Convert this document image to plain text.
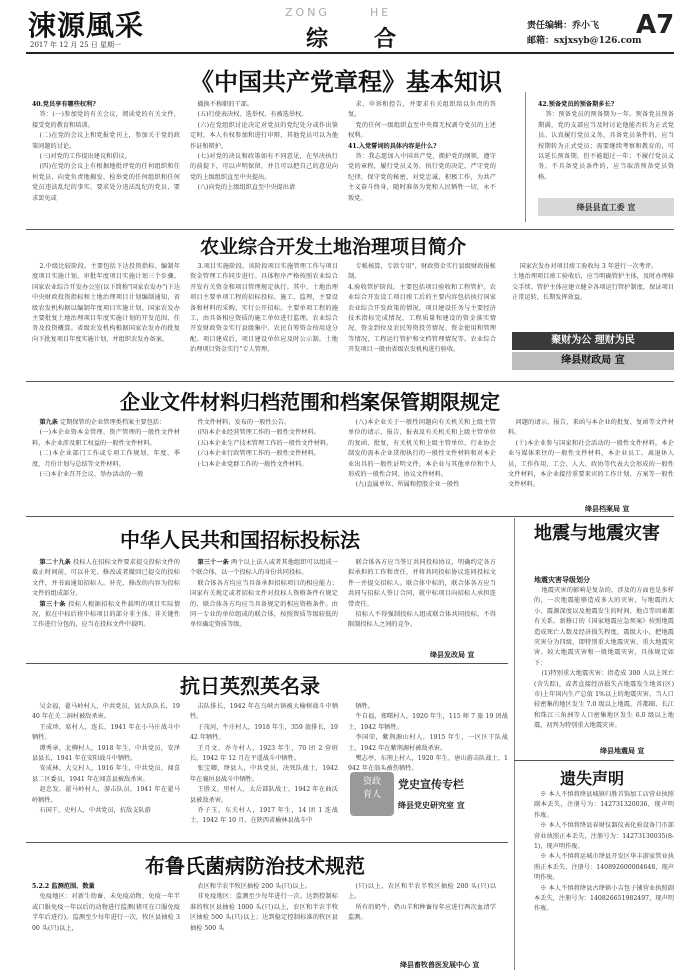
涑源風采
2017 年 12 月 25 日 星期一
ZONG	HE
综      合	责任编辑：乔小飞
邮箱：sxjxsyb@126.com
A7
《中国共产党章程》基本知识

40.党员享有哪些权利?

答：(一)参加党的有关会议，阅读党的有关文件，接受党的教育和培训。

(二)在党的会议上和党报党刊上，参加关于党的政策问题的讨论。

(三)对党的工作提出建议和倡议。

(四)在党的会议上有根据地批评党的任何组织和任何党员，向党负责地揭发、检举党的任何组织和任何党员违法乱纪的事实，要求处分违法乱纪的党员，要求罢免或

撤换不称职的干部。

(五)行使表决权、选举权，有被选举权。

(六)在党组织讨论决定对党员的党纪处分或作出鉴定时，本人有权参加和进行申辩，其他党员可以为他作证和辩护。

(七)对党的决议和政策如有不同意见，在坚决执行的前提下，可以声明保留，并且可以把自己的意见向党的上级组织直至中央提出。

(八)向党的上级组织直至中央提出请

求、申诉和控告，并要求有关组织给以负责的答复。

党的任何一级组织直至中央都无权剥夺党员的上述权利。

41.入党誓词的具体内容是什么?

答：我志愿加入中国共产党，拥护党的纲领，遵守党的章程，履行党员义务，执行党的决定，严守党的纪律，保守党的秘密，对党忠诚，积极工作，为共产主义奋斗终身，随时准备为党和人民牺牲一切，永不叛党。

42.预备党员的预备期多长?

答：预备党员的预备期为一年。预备党员预备期满，党的支部应当及时讨论他能否转为正式党员。认真履行党员义务，具备党员条件的，应当按期转为正式党员；需要继续考察和教育的，可以延长预备期，但不能超过一年；不履行党员义务，不具备党员条件的，应当取消预备党员资格。

绛县县直工委 宣
农业综合开发土地治理项目简介
2.中级比较阶段。主要包括下达投资指标、编制年度项目实施计划、审批年度项目实施计划三个步骤。国家农业综合开发办公室(以下简称"国家农发办")下达中央财政投资指标和土地治理项目计划编制通知，省级农发机构据以编制年度项目实施计划。国家农发办主要批复土地治理项目年度实施计划的开发范围、任务及投资概算。省级农发机构根据国家农发办的批复向下批复项目年度实施计划，并组织农发办备案。
3.项目实施阶段。该阶段项目实施管理工作与项目资金管理工作同步进行。具体程序严格按照农业综合开发有关资金和项目管理规定执行。其中，土地治理项目主要单项工程的招标投标、施工、监理，主要设备和材料的采购，实行公开招标。主要单项工程的施工，由具备相应资质的施工单位进行监理。农业综合开发财政资金实行县级集中、农民自筹资金按用途分配。项目建成后，项目建设单位应及时公示制。土地治理项目资金实行"专人管理、
专帐核算，专款专用"，财政资金实行县级财政报帐制。
4.验收管护阶段。主要包括项目验收和工程管护。农业综合开发设工项目竣工后的主要内容包括执行国家农业综合开发政策的情况，项目建设任务与主要经济技术指标完成情况，工程质量和建设的资金落实情况、资金到位及农民筹资投劳情况、资金使用和管理等情况，工程运行管护和文档管理情况等。农业综合开发项目一般由省级农发机构进行验收。
国家农发办对项目竣工验收每 3 年进行一次考评。
土地治理项目竣工验收后，应当明确管护主体，及时办理移交手续。管护主体应建立健全各项运行管护制度，保证项目正常运转，长期发挥效益。
聚财为公 理财为民
绛县财政局 宣
企业文件材料归档范围和档案保管期限规定

第九条 定期保管的企业管理类档案主要包括：

(一)本企业资本金管理、资产管理的一般性文件材料，本企业涉及职工权益的一般性文件材料。

(二)本企业部门工作或专项工作规划、年度、季度、月份计划与总结等文件材料。

(三)本企业召开会议、举办活动的一般

性文件材料，发布的一般性公告。

(四)本企业经营管理工作的一般性文件材料。

(五)本企业生产技术管理工作的一般性文件材料。

(六)本企业行政管理工作的一般性文件材料。

(七)本企业党群工作的一般性文件材料。

(八)本企业关于一般性问题向有关机关和上级主管单位的请示、报告，报表及有关机关和上级主管单位的复函、批复，有关机关和上级主管单位、行业协会制发的需本企业贯彻执行的一般性文件材料和对本企业出具的一般性证明文件，本企业与其他单位和个人形成的一般性合同、协议文件材料。

(九)直属单位、所属和控股企业一般性

问题的请示、报告，来函与本企业的批复、复函等文件材料。

(十)本企业参与国家和社会活动的一般性文件材料，本企业与媒体来往的一般性文件材料，本企业员工、离退休人员，工作作用，工会、人大、政协等代表大会形成的一般性文件材料，本企业接待重要来宾的工作计划、方案等一般性文件材料。

绛县档案局 宣
中华人民共和国招标投标法

第二十九条 投标人在招标文件要求提交投标文件的截止时间前，可以补充、修改或者撤回已提交的投标文件，并书面通知招标人。补充、修改的内容为投标文件的组成部分。

第三十条 投标人根据招标文件载明的项目实际情况，拟在中标后将中标项目的部分非主体、非关键性工作进行分包的，应当在投标文件中载明。

第三十一条 两个以上法人或者其他组织可以组成一个联合体，以一个投标人的身份共同投标。

联合体各方均应当具备承担招标项目的相应能力；国家有关规定或者招标文件对投标人资格条件有规定的，联合体各方均应当具备规定的相应资格条件。由同一专业的单位组成的联合体，按照资质等级较低的单位确定资质等级。

联合体各方应当签订共同投标协议，明确约定各方拟承担的工作和责任，并将共同投标协议连同投标文件一并提交招标人。联合体中标的，联合体各方应当共同与招标人签订合同，就中标项目向招标人承担连带责任。

招标人不得强制投标人组成联合体共同投标，不得限制投标人之间的竞争。

绛县发改局 宣
地震与地震灾害
地震灾害导级划分

地震灾害的影响是复杂的，涉及的方面也是多样的，一次地震能够造成多大的灾害，与地震的大小、震源深度以及地震发生的时间、地点等因素都有关系。新修订的《国家地震应急预案》按照地震造成死亡人数及经济损失程度，震级大小，把地震灾害分为四级，即特别重大地震灾害、重大地震灾害、较大地震灾害和一般地震灾害，具体规定如下：

(1)特别重大地震灾害：指造成 300 人以上死亡(含失踪)，或者直接经济损失占地震发生地省(区)市)上年国内生产总值 1%以上的地震灾害。当人口较密集的地区发生 7.0 级以上地震，首都圈、长江和珠江三角洲等人口密集地区发生 6.0 级以上地震，初判为特别重大地震灾害。

绛县地震局 宣
抗日英烈英名录

吴金福，翟马岭村人，中共党员，县大队队长，1940 年在关二洞村被敌杀害。

王成珍，席村人，连长，1941 年在小马庄战斗中牺牲。

谭秀章，北柳村人，1918 年生，中共党员，安泽县县长，1941 年在安阳战斗中牺牲。

安成林，大交村人，1916 年生，中共党员，闻喜县二区委员，1941 年在闻喜县被敌杀害。

赵忠发，翟马岭村人，游击队员，1941 年在翟马岭牺牲。

石国干，史村人，中共党员，抗敌支队游

击队排长，1942 年在乌峡古镇被大榆树战斗中牺牲。

于茂河，牛庄村人，1918 年生，359 旅排长，1942 年牺牲。

王月文，乔寺村人，1923 年生，70 团 2 营班长，1942 年 12 月在平遥战斗中牺牲。

张宝卿，绛县人，中共党员，决死队战士，1942 年在襄垣县战斗中牺牲。

王胜义，里村人，太岳部队战士，1942 年在曲沃县被敌杀害。

乔子玉，东关村人，1917 年生，14 团 1 连战士，1942 年 10 月，在陕西省榆林县战斗中

牺牲。

牛自福，郑曙村人，1920 年生，115 师 7 旅 19 团战士，1942 年牺牲。

李国荣，紫荆源山村人，1915 年生，一区区干队战士，1942 年在紫荆源村被敌杀害。

樊志亭，东荆上村人，1920 年生，唐山游击队战士，1942 年在翁头被伤牺牲。

资政育人
党史宣传专栏
绛县党史研究室 宣
遗失声明

※ 本人不慎将绛县城镇归胜首饰加工店营业执照副本丢失，注册号为：142731320036，现声明作废。

※ 本人不慎将绛县春财仪器仪表化验设备门市部营业执照正本丢失，注册号为：14273130035(8-1)，现声明作废。

※ 本人不慎将运城市绛县开发区华丰游家管业执照正本丢失，注册号：140892600004648，现声明作废。

※ 本人不慎将绛县古绛镇小吉包子铺营业执照副本丢失，注册号为：140826651982497，现声明作废。

布鲁氏菌病防治技术规范

5.2.2 监测范围、数量

免疫地区：对新生幼畜、未免疫动物、免疫一年半或口服免疫一年以后的动物进行监测(猪可在口服免疫半年后进行)。监测至少每年进行一次，牧区县抽检 300 头(只)以上，

农区和半农半牧区抽检 200 头(只)以上。

非免疫地区：监测至少每年进行一次。达到控制标准的牧区县抽检 1000 头(只)以上，农区和半农半牧区抽检 500 头(只)以上；达到稳定控制标准的牧区县抽检 500 头

(只)以上，农区和半农半牧区抽检 200 头(只)以上。

所有的奶牛、奶山羊和种畜每年应进行两次血清学监测。

绛县畜牧兽医发展中心 宣
